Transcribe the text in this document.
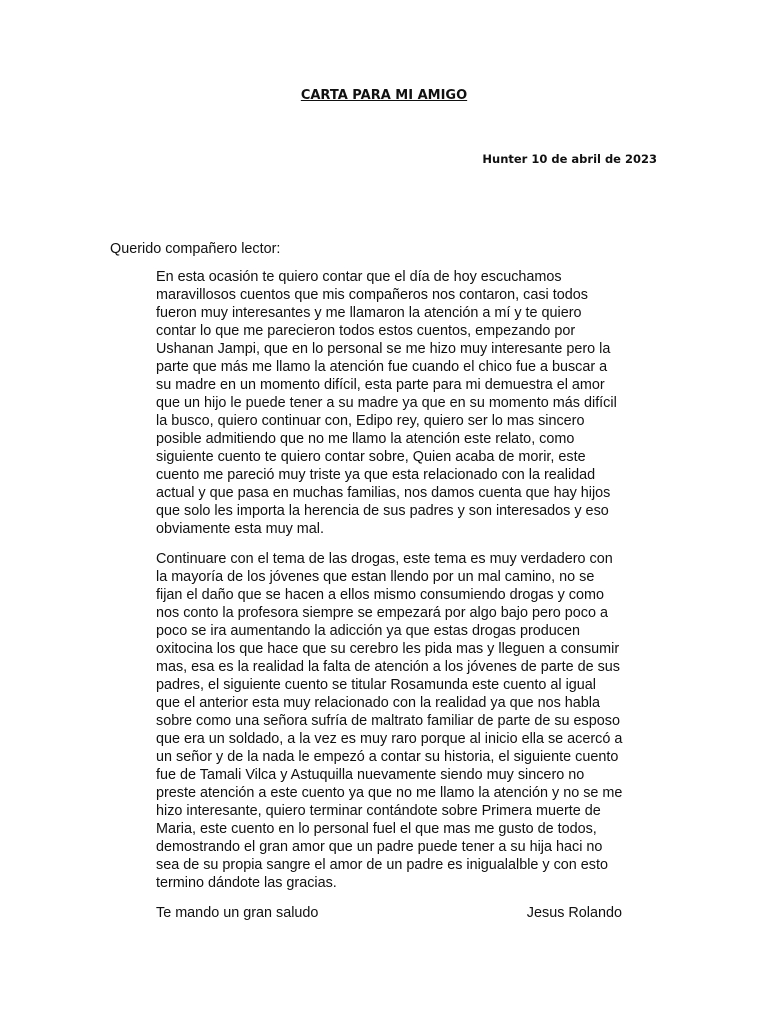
CARTA PARA MI AMIGO
Hunter 10 de abril de 2023
Querido compañero lector:
En esta ocasión te quiero contar que el día de hoy escuchamos
maravillosos cuentos que mis compañeros nos contaron, casi todos
fueron muy interesantes y me llamaron la atención a mí y te quiero
contar lo que me parecieron todos estos cuentos, empezando por
Ushanan Jampi, que en lo personal se me hizo muy interesante pero la
parte que más me llamo la atención fue cuando el chico fue a buscar a
su madre en un momento difícil, esta parte para mi demuestra el amor
que un hijo le puede tener a su madre ya que en su momento más difícil
la busco, quiero continuar con, Edipo rey, quiero ser lo mas sincero
posible admitiendo que no me llamo la atención este relato, como
siguiente cuento te quiero contar sobre, Quien acaba de morir, este
cuento me pareció muy triste ya que esta relacionado con la realidad
actual y que pasa en muchas familias, nos damos cuenta que hay hijos
que solo les importa la herencia de sus padres y son interesados y eso
obviamente esta muy mal.
Continuare con el tema de las drogas, este tema es muy verdadero con
la mayoría de los jóvenes que estan llendo por un mal camino, no se
fijan el daño que se hacen a ellos mismo consumiendo drogas y como
nos conto la profesora siempre se empezará por algo bajo pero poco a
poco se ira aumentando la adicción ya que estas drogas producen
oxitocina los que hace que su cerebro les pida mas y lleguen a consumir
mas, esa es la realidad la falta de atención a los jóvenes de parte de sus
padres, el siguiente cuento se titular Rosamunda este cuento al igual
que el anterior esta muy relacionado con la realidad ya que nos habla
sobre como una señora sufría de maltrato familiar de parte de su esposo
que era un soldado, a la vez es muy raro porque al inicio ella se acercó a
un señor y de la nada le empezó a contar su historia, el siguiente cuento
fue de Tamali Vilca y Astuquilla nuevamente siendo muy sincero no
preste atención a este cuento ya que no me llamo la atención y no se me
hizo interesante, quiero terminar contándote sobre Primera muerte de
Maria, este cuento en lo personal fuel el que mas me gusto de todos,
demostrando el gran amor que un padre puede tener a su hija haci no
sea de su propia sangre el amor de un padre es inigualalble y con esto
termino dándote las gracias.
Te mando un gran saludo	Jesus Rolando
